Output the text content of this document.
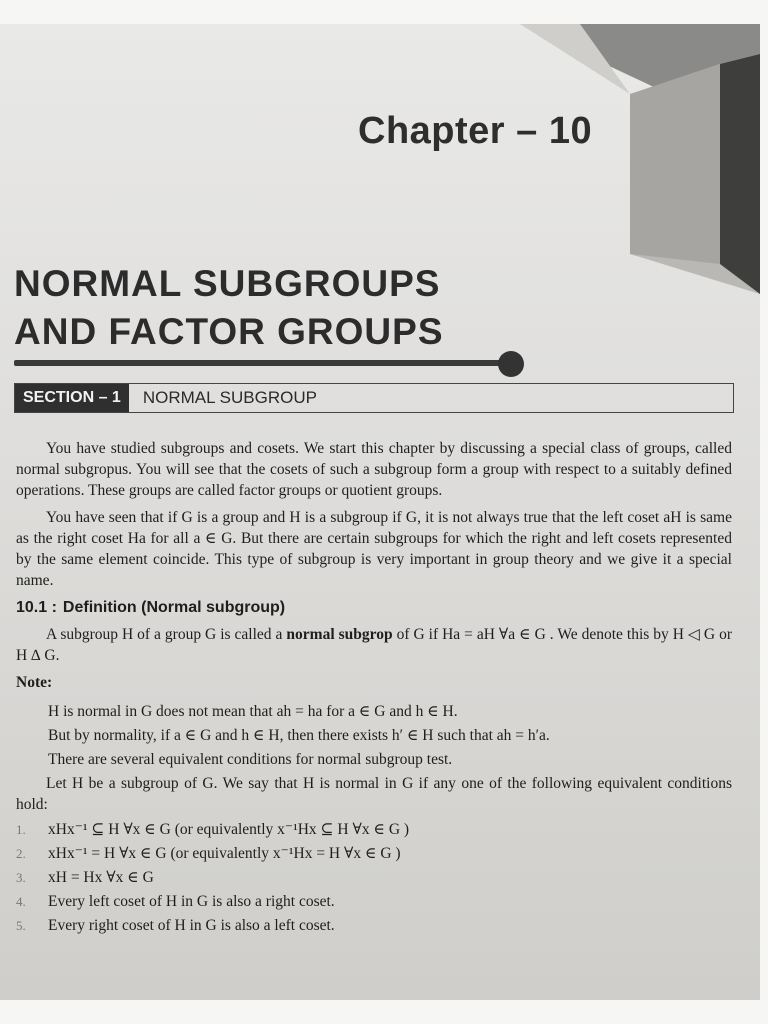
Chapter – 10
NORMAL SUBGROUPS
AND FACTOR GROUPS
SECTION – 1	NORMAL SUBGROUP

You have studied subgroups and cosets. We start this chapter by discussing a special class of groups, called normal subgropus. You will see that the cosets of such a subgroup form a group with respect to a suitably defined operations. These groups are called factor groups or quotient groups.

You have seen that if G is a group and H is a subgroup if G, it is not always true that the left coset aH is same as the right coset Ha for all a ∈ G. But there are certain subgroups for which the right and left cosets represented by the same element coincide. This type of subgroup is very important in group theory and we give it a special name.

10.1 : Definition (Normal subgroup)

A subgroup H of a group G is called a normal subgrop of G if Ha = aH ∀a ∈ G . We denote this by H ◁ G or H ∆ G.

Note:
H is normal in G does not mean that ah = ha for a ∈ G and h ∈ H.
But by normality, if a ∈ G and h ∈ H, then there exists h′ ∈ H such that ah = h′a.
There are several equivalent conditions for normal subgroup test.
Let H be a subgroup of G. We say that H is normal in G if any one of the following equivalent conditions hold:
1.	xHx⁻¹ ⊆ H ∀x ∈ G (or equivalently x⁻¹Hx ⊆ H ∀x ∈ G )
2.	xHx⁻¹ = H ∀x ∈ G (or equivalently x⁻¹Hx = H ∀x ∈ G )
3.	xH = Hx ∀x ∈ G
4.	Every left coset of H in G is also a right coset.
5.	Every right coset of H in G is also a left coset.
